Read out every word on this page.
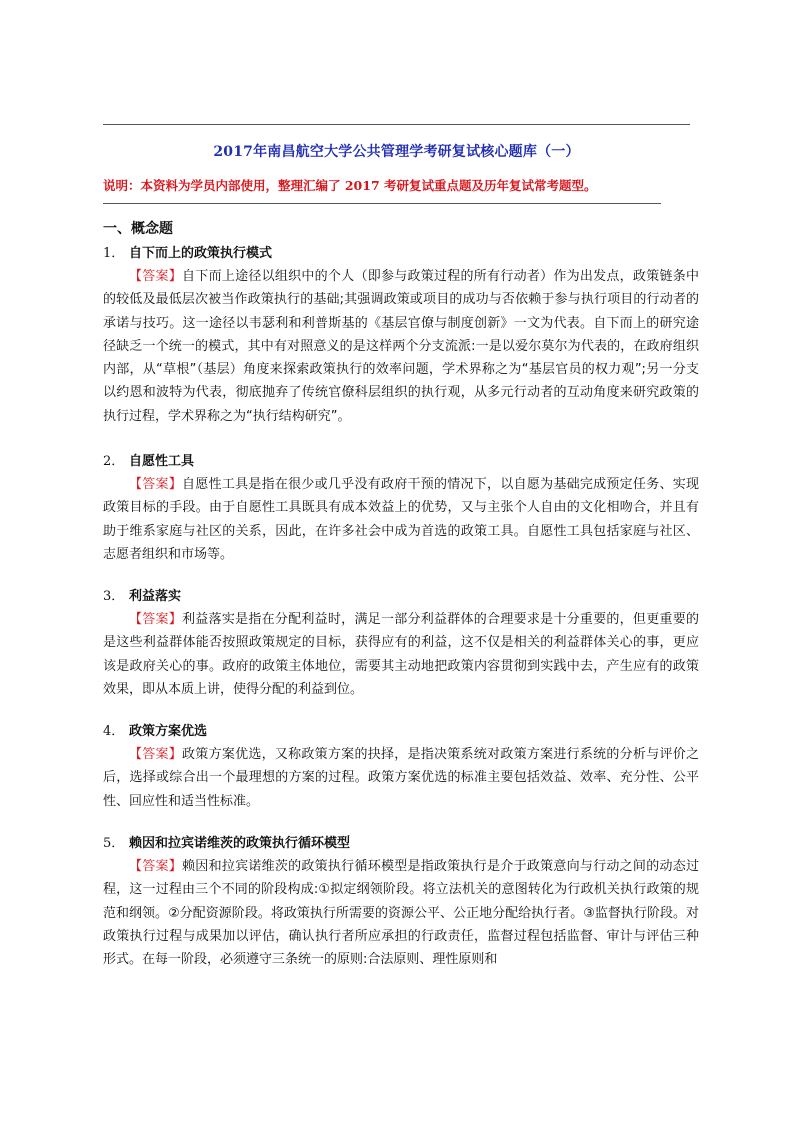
2017年南昌航空大学公共管理学考研复试核心题库（一）
说明：本资料为学员内部使用，整理汇编了 2017 考研复试重点题及历年复试常考题型。
一、概念题
1． 自下而上的政策执行模式
【答案】自下而上途径以组织中的个人（即参与政策过程的所有行动者）作为出发点，政策链条中的较低及最低层次被当作政策执行的基础;其强调政策或项目的成功与否依赖于参与执行项目的行动者的承诺与技巧。这一途径以韦瑟利和利普斯基的《基层官僚与制度创新》一文为代表。自下而上的研究途径缺乏一个统一的模式，其中有对照意义的是这样两个分支流派:一是以爱尔莫尔为代表的，在政府组织内部，从“草根”（基层）角度来探索政策执行的效率问题，学术界称之为“基层官员的权力观”;另一分支以约恩和波特为代表，彻底抛弃了传统官僚科层组织的执行观，从多元行动者的互动角度来研究政策的执行过程，学术界称之为“执行结构研究”。
2． 自愿性工具
【答案】自愿性工具是指在很少或几乎没有政府干预的情况下，以自愿为基础完成预定任务、实现政策目标的手段。由于自愿性工具既具有成本效益上的优势，又与主张个人自由的文化相吻合，并且有助于维系家庭与社区的关系，因此，在许多社会中成为首选的政策工具。自愿性工具包括家庭与社区、志愿者组织和市场等。
3． 利益落实
【答案】利益落实是指在分配利益时，满足一部分利益群体的合理要求是十分重要的，但更重要的是这些利益群体能否按照政策规定的目标，获得应有的利益，这不仅是相关的利益群体关心的事，更应该是政府关心的事。政府的政策主体地位，需要其主动地把政策内容贯彻到实践中去，产生应有的政策效果，即从本质上讲，使得分配的利益到位。
4． 政策方案优选
【答案】政策方案优选，又称政策方案的抉择，是指决策系统对政策方案进行系统的分析与评价之后，选择或综合出一个最理想的方案的过程。政策方案优选的标准主要包括效益、效率、充分性、公平性、回应性和适当性标准。
5． 赖因和拉宾诺维茨的政策执行循环模型
【答案】赖因和拉宾诺维茨的政策执行循环模型是指政策执行是介于政策意向与行动之间的动态过程，这一过程由三个不同的阶段构成:①拟定纲领阶段。将立法机关的意图转化为行政机关执行政策的规范和纲领。②分配资源阶段。将政策执行所需要的资源公平、公正地分配给执行者。③监督执行阶段。对政策执行过程与成果加以评估，确认执行者所应承担的行政责任，监督过程包括监督、审计与评估三种形式。在每一阶段，必须遵守三条统一的原则:合法原则、理性原则和
